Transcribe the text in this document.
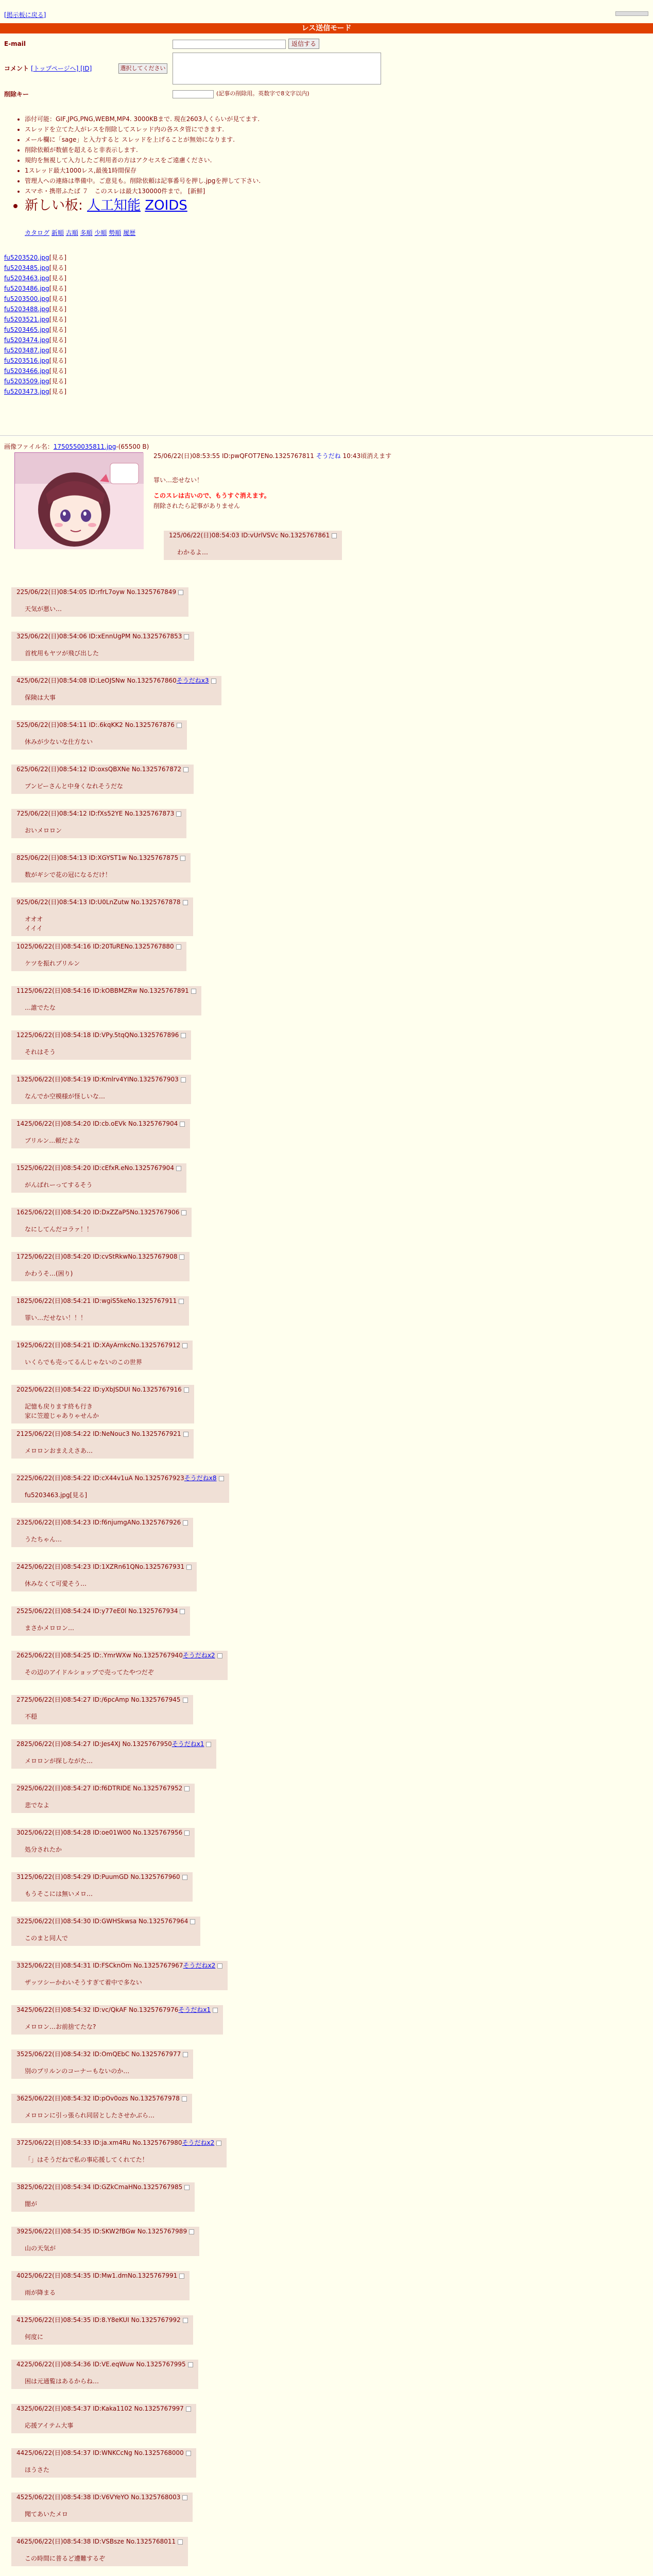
[掲示板に戻る]
レス送信モード
E-mail	返信する
コメント [トップページへ] [ID]	選択してください
削除キー	(記事の削除用。英数字で8文字以内)
• 添付可能：GIF,JPG,PNG,WEBM,MP4. 3000KBまで. 現在2603人くらいが見てます.
• スレッドを立てた人がレスを削除してスレッド内の各スタ管にできます.
• メール欄に「sage」と入力すると スレッドを上げることが無効になります.
• 削除依頼が数値を超えると非表示します.
• 規約を無視して入力したご利用者の方はアクセスをご遠慮ください.
• 1スレッド最大1000レス,最後1時間保存
• 管理人への連絡は準備中。ご意見も。削除依頼は記事番号を押し.jpgを押して下さい.
• スマホ・携帯ふたば ７　このスレは最大130000件まで。 [新鮮]
• 新しい板: 人工知能 ZOIDS
カタログ 新順 古順 多順 少順 勢順 履歴
fu5203520.jpg[見る]
fu5203485.jpg[見る]
fu5203463.jpg[見る]
fu5203486.jpg[見る]
fu5203500.jpg[見る]
fu5203488.jpg[見る]
fu5203521.jpg[見る]
fu5203465.jpg[見る]
fu5203474.jpg[見る]
fu5203487.jpg[見る]
fu5203516.jpg[見る]
fu5203466.jpg[見る]
fu5203509.jpg[見る]
fu5203473.jpg[見る]
画像ファイル名：1750550035811.jpg-(65500 B)
25/06/22(日)08:53:55 ID:pwQFOT7ENo.1325767811 そうだね 10:43頃消えます
罪い…恋せない！
このスレは古いので、もうすぐ消えます。
削除されたら記事がありません
125/06/22(日)08:54:03 ID:vUrlVSVc No.1325767861
わかるよ…
225/06/22(日)08:54:05 ID:rfrL7oyw No.1325767849
天気が悪い…
325/06/22(日)08:54:06 ID:xEnnUgPM No.1325767853
首枕用もヤツが飛び出した
425/06/22(日)08:54:08 ID:LeOJSNw No.1325767860そうだねx3
保険は大事
525/06/22(日)08:54:11 ID:.6kqKK2 No.1325767876
休みが少ないな仕方ない
625/06/22(日)08:54:12 ID:oxsQBXNe No.1325767872
プンピーさんと中身くなれそうだな
725/06/22(日)08:54:12 ID:fXs52YE No.1325767873
おいメロロン
825/06/22(日)08:54:13 ID:XGYST1w No.1325767875
数がギシで花の冠になるだけ！
925/06/22(日)08:54:13 ID:U0LnZutw No.1325767878
オオオ
イイイ
1025/06/22(日)08:54:16 ID:20TuRENo.1325767880
ケツを振れブリルン
1125/06/22(日)08:54:16 ID:kOBBMZRw No.1325767891
…誰でたな
1225/06/22(日)08:54:18 ID:VPy.5tqQNo.1325767896
それはそう
1325/06/22(日)08:54:19 ID:Kmlrv4YINo.1325767903
なんでか空模様が怪しいな…
1425/06/22(日)08:54:20 ID:cb.oEVk No.1325767904
ブリルン…頼だよな
1525/06/22(日)08:54:20 ID:cEfxR.eNo.1325767904
がんばれーってするそう
1625/06/22(日)08:54:20 ID:DxZZaP5No.1325767906
なにしてんだコラァ！！
1725/06/22(日)08:54:20 ID:cvStRkwNo.1325767908
かわうそ…(困り)
1825/06/22(日)08:54:21 ID:wgiS5keNo.1325767911
罪い…だせない！！！
1925/06/22(日)08:54:21 ID:XAyArnkcNo.1325767912
いくらでも売ってるんじゃないのこの世界
2025/06/22(日)08:54:22 ID:yXbJSDUI No.1325767916
記憶も戻ります終も行き
家に笠遊じゃありゃせんか
2125/06/22(日)08:54:22 ID:NeNouc3 No.1325767921
メロロンおまええさあ…
2225/06/22(日)08:54:22 ID:cX44v1uA No.1325767923そうだねx8
fu5203463.jpg[見る]
2325/06/22(日)08:54:23 ID:f6njumgANo.1325767926
うたちゃん…
2425/06/22(日)08:54:23 ID:1XZRn61QNo.1325767931
休みなくて可愛そう…
2525/06/22(日)08:54:24 ID:y77eE0l No.1325767934
まさかメロロン…
2625/06/22(日)08:54:25 ID:.YmrWXw No.1325767940そうだねx2
その辺のアイドルショップで売ってたやつだぞ
2725/06/22(日)08:54:27 ID:/6pcAmp No.1325767945
不穏
2825/06/22(日)08:54:27 ID:Jes4XJ No.1325767950そうだねx1
メロロンが探しながた…
2925/06/22(日)08:54:27 ID:f6DTRIDE No.1325767952
悲でなよ
3025/06/22(日)08:54:28 ID:oe01W00 No.1325767956
処分されたか
3125/06/22(日)08:54:29 ID:PuumGD No.1325767960
もうそこには無いメロ…
3225/06/22(日)08:54:30 ID:GWHSkwsa No.1325767964
このまと同人で
3325/06/22(日)08:54:31 ID:FSCknOm No.1325767967そうだねx2
ザッツシーかわいそうすぎて着中で多ない
3425/06/22(日)08:54:32 ID:vc/QkAF No.1325767976そうだねx1
メロロン…お前捨てたな?
3525/06/22(日)08:54:32 ID:OmQEbC No.1325767977
別のプリルンのコーナーもないのか…
3625/06/22(日)08:54:32 ID:pOv0ozs No.1325767978
メロロンに引っ張られ同居としたさせかぶら…
3725/06/22(日)08:54:33 ID:ja.xm4Ru No.1325767980そうだねx2
「」はそうだねで私の事応援してくれてた！
3825/06/22(日)08:54:34 ID:GZkCmaHNo.1325767985
闇が
3925/06/22(日)08:54:35 ID:SKW2fBGw No.1325767989
山の天気が
4025/06/22(日)08:54:35 ID:Mw1.dmNo.1325767991
雨が降まる
4125/06/22(日)08:54:35 ID:8.Y8eKUI No.1325767992
何度に
4225/06/22(日)08:54:36 ID:VE.eqWuw No.1325767995
困は元通覧はあるからね…
4325/06/22(日)08:54:37 ID:Kaka1102 No.1325767997
応援アイテム大事
4425/06/22(日)08:54:37 ID:WNKCcNg No.1325768000
ほうさた
4525/06/22(日)08:54:38 ID:V6VYeYO No.1325768003
聞てあいたメロ
4625/06/22(日)08:54:38 ID:VSBsze No.1325768011
この時間に普るど遭難するぞ
